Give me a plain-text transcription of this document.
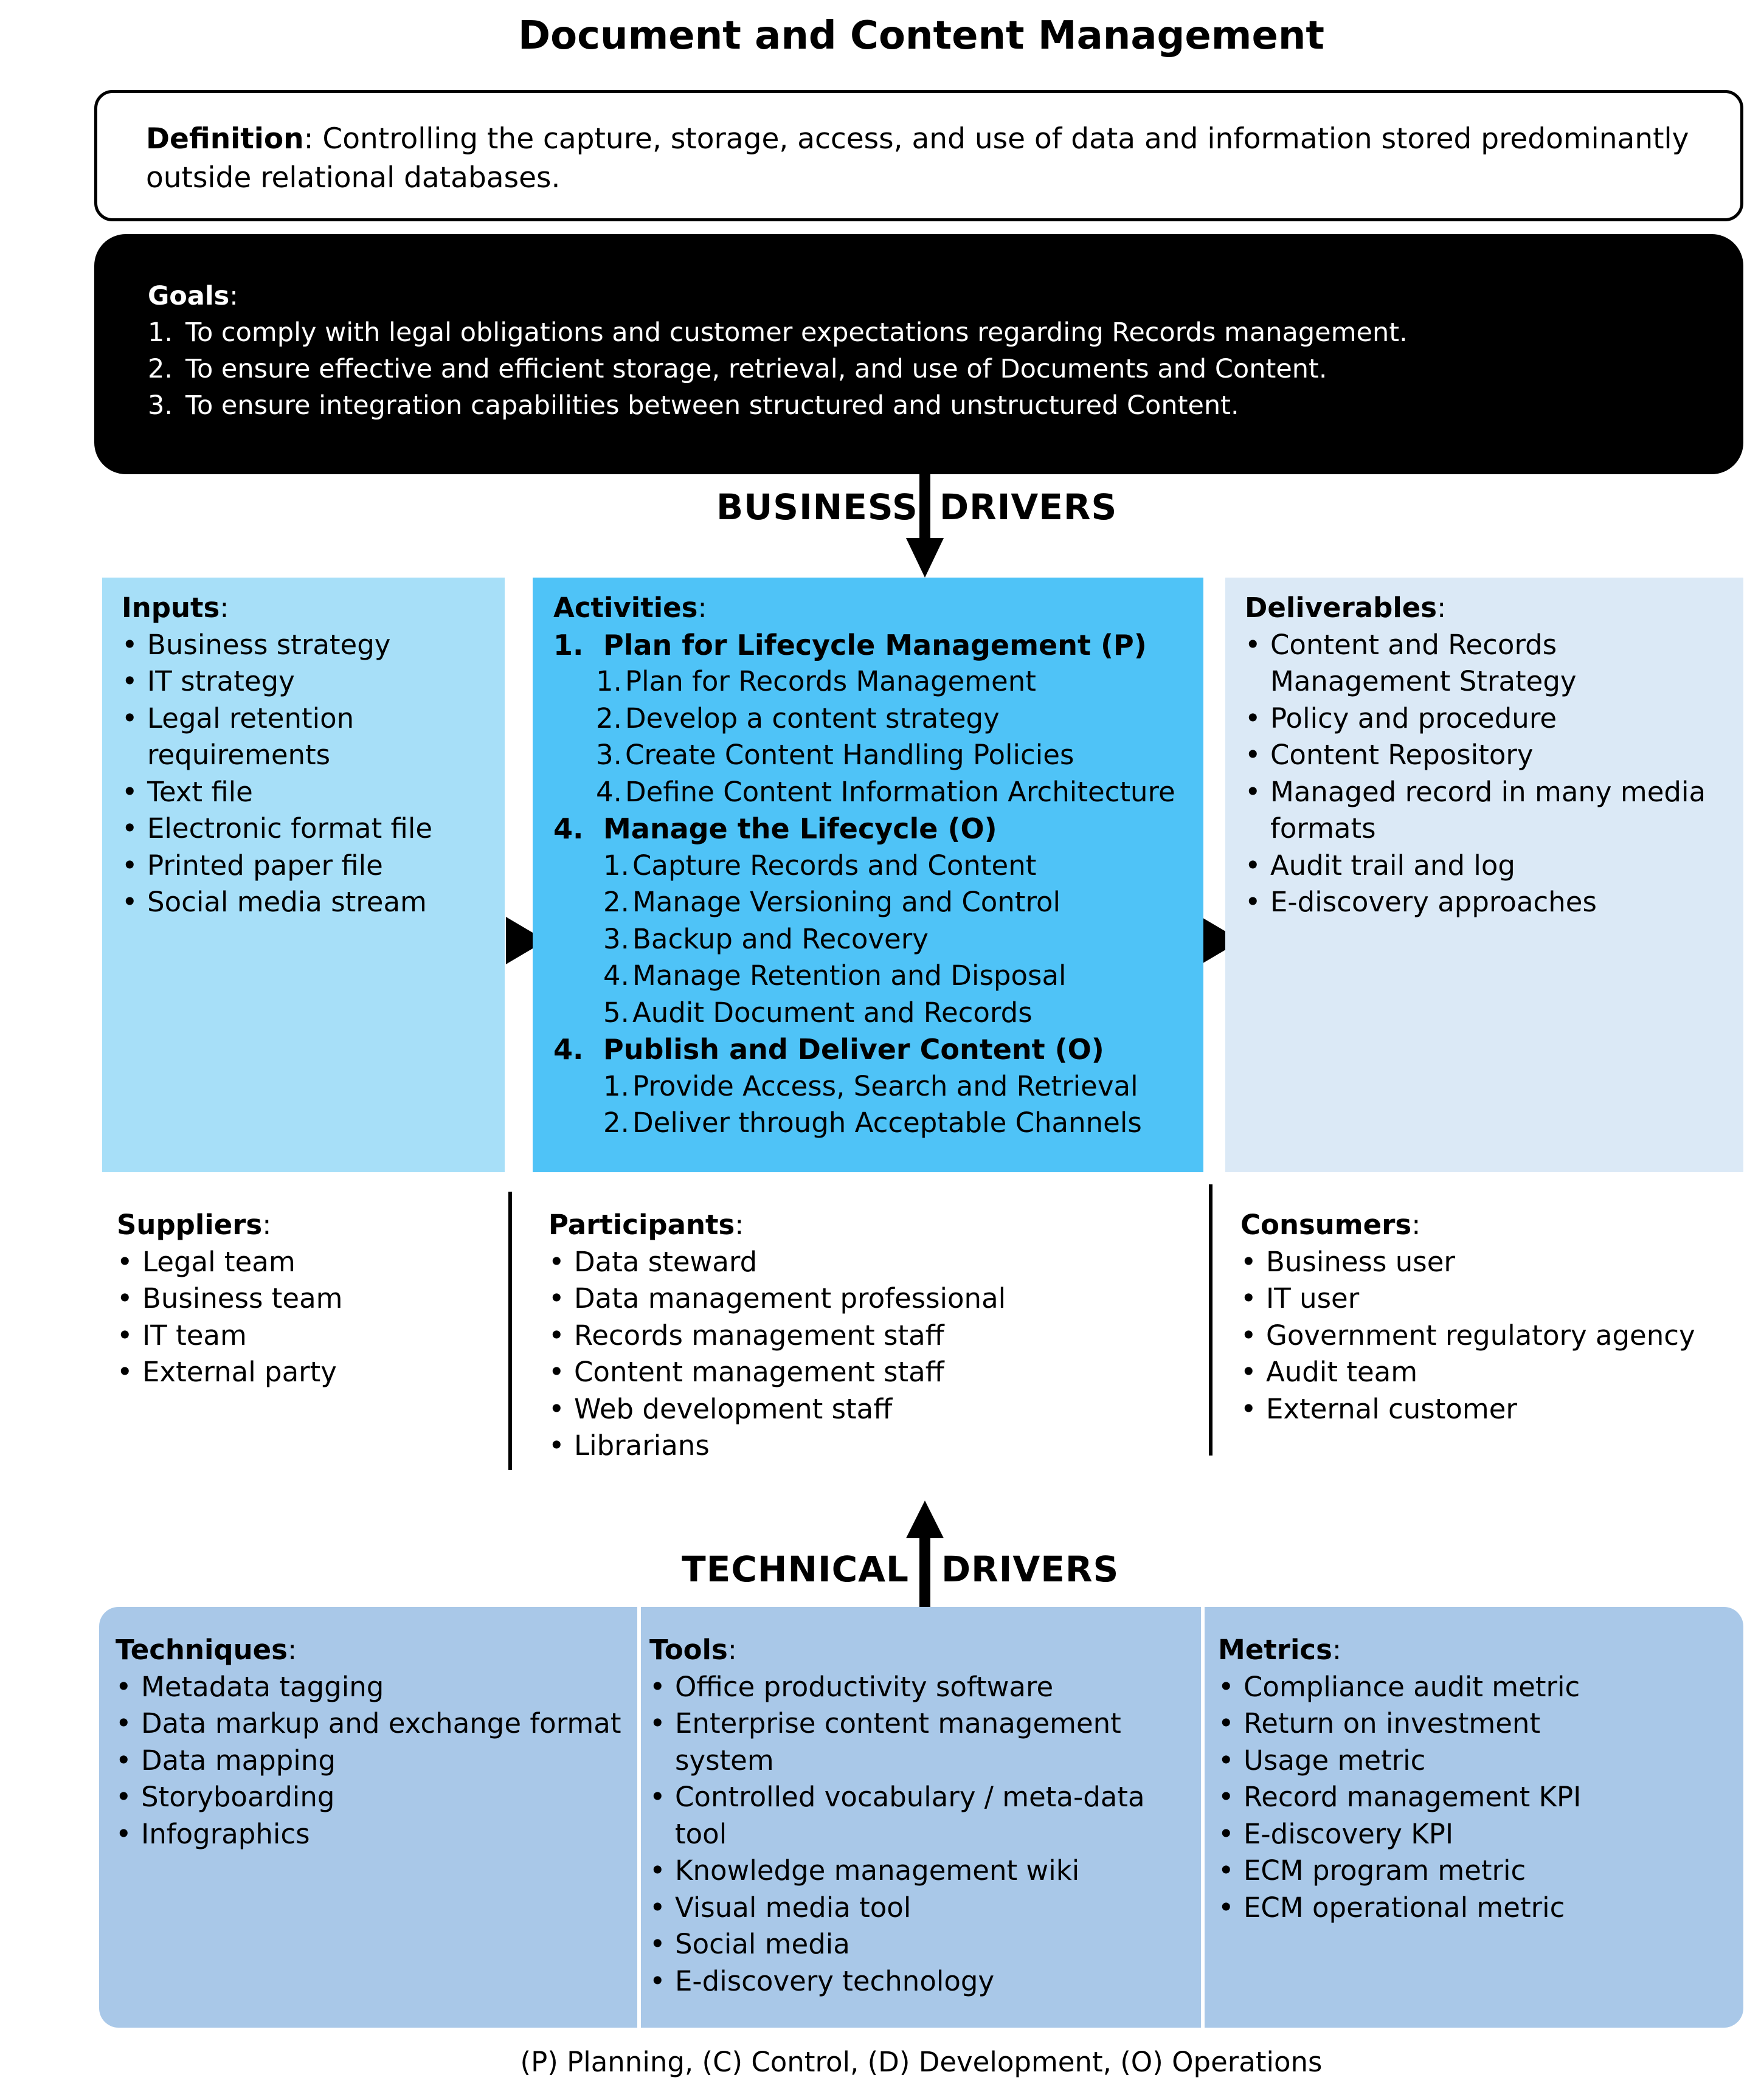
Document and Content Management
Definition: Controlling the capture, storage, access, and use of data and information stored predominantly
outside relational databases.
Goals:
1. To comply with legal obligations and customer expectations regarding Records management.
2. To ensure effective and efficient storage, retrieval, and use of Documents and Content.
3. To ensure integration capabilities between structured and unstructured Content.
BUSINESS DRIVERS
Inputs:
• Business strategy
• IT strategy
• Legal retention requirements
• Text file
• Electronic format file
• Printed paper file
• Social media stream
Activities:
1. Plan for Lifecycle Management (P)
1. Plan for Records Management
2. Develop a content strategy
3. Create Content Handling Policies
4. Define Content Information Architecture
4. Manage the Lifecycle (O)
1. Capture Records and Content
2. Manage Versioning and Control
3. Backup and Recovery
4. Manage Retention and Disposal
5. Audit Document and Records
4. Publish and Deliver Content (O)
1. Provide Access, Search and Retrieval
2. Deliver through Acceptable Channels
Deliverables:
• Content and Records Management Strategy
• Policy and procedure
• Content Repository
• Managed record in many media formats
• Audit trail and log
• E-discovery approaches
Suppliers:
• Legal team
• Business team
• IT team
• External party
Participants:
• Data steward
• Data management professional
• Records management staff
• Content management staff
• Web development staff
• Librarians
Consumers:
• Business user
• IT user
• Government regulatory agency
• Audit team
• External customer
TECHNICAL DRIVERS
Techniques:
• Metadata tagging
• Data markup and exchange format
• Data mapping
• Storyboarding
• Infographics
Tools:
• Office productivity software
• Enterprise content management system
• Controlled vocabulary / meta-data tool
• Knowledge management wiki
• Visual media tool
• Social media
• E-discovery technology
Metrics:
• Compliance audit metric
• Return on investment
• Usage metric
• Record management KPI
• E-discovery KPI
• ECM program metric
• ECM operational metric
(P) Planning, (C) Control, (D) Development, (O) Operations
